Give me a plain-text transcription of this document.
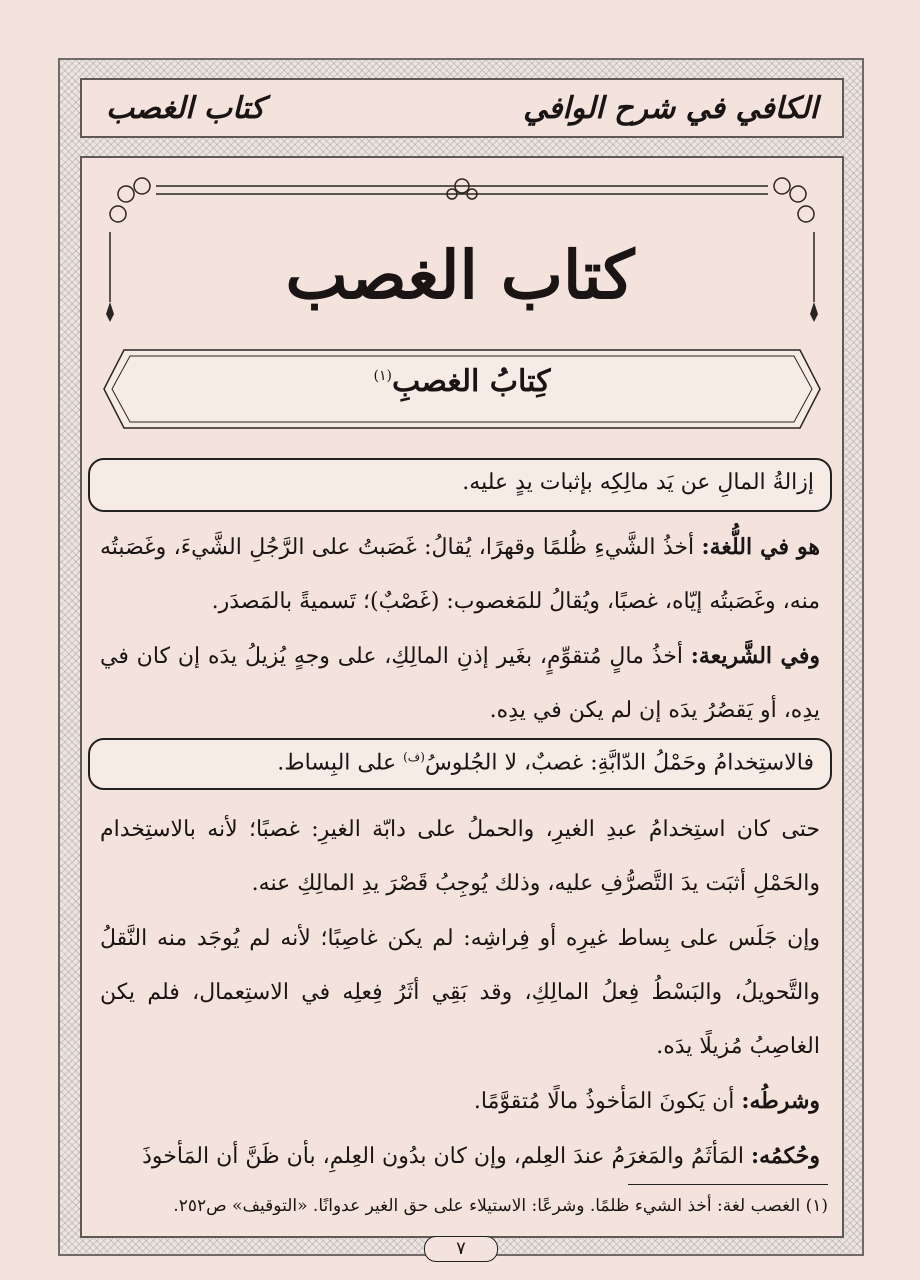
كتاب الغصب	الكافي في شرح الوافي
كتاب الغصب
كِتابُ الغصبِ$^{(١)}$
إزالةُ المالِ عن يَد مالِكِه بإثبات يدٍ عليه.

هو في اللُّغة: أخذُ الشَّيءِ ظُلمًا وقهرًا، يُقالُ: غَصَبتُ على الرَّجُلِ الشَّيءَ، وغَصَبتُه منه، وغَصَبتُه إيّاه، غصبًا، ويُقالُ للمَغصوب: (غَصْبٌ)؛ تَسميةً بالمَصدَر.

وفي الشَّريعة: أخذُ مالٍ مُتقوِّمٍ، بغَير إذنِ المالِكِ، على وجهٍ يُزيلُ يدَه إن كان في يدِه، أو يَقصُرُ يدَه إن لم يكن في يدِه.

فالاستِخدامُ وحَمْلُ الدّابَّةِ: غصبٌ، لا الجُلوسُ$^{(ف)}$ على البِساط.

حتى كان استِخدامُ عبدِ الغيرِ، والحملُ على دابّة الغيرِ: غصبًا؛ لأنه بالاستِخدام والحَمْلِ أثبَت يدَ التَّصرُّفِ عليه، وذلك يُوجِبُ قَصْرَ يدِ المالِكِ عنه.

وإن جَلَس على بِساط غيرِه أو فِراشِه: لم يكن غاصِبًا؛ لأنه لم يُوجَد منه النَّقلُ والتَّحويلُ، والبَسْطُ فِعلُ المالِكِ، وقد بَقِي أثَرُ فِعلِه في الاستِعمال، فلم يكن الغاصِبُ مُزيلًا يدَه.

وشرطُه: أن يَكونَ المَأخوذُ مالًا مُتقوَّمًا.

وحُكمُه: المَأثَمُ والمَغرَمُ عندَ العِلم، وإن كان بدُون العِلمِ، بأن ظَنَّ أن المَأخوذَ

(١) الغصب لغة: أخذ الشيء ظلمًا. وشرعًا: الاستيلاء على حق الغير عدوانًا. «التوقيف» ص٢٥٢.
٧
